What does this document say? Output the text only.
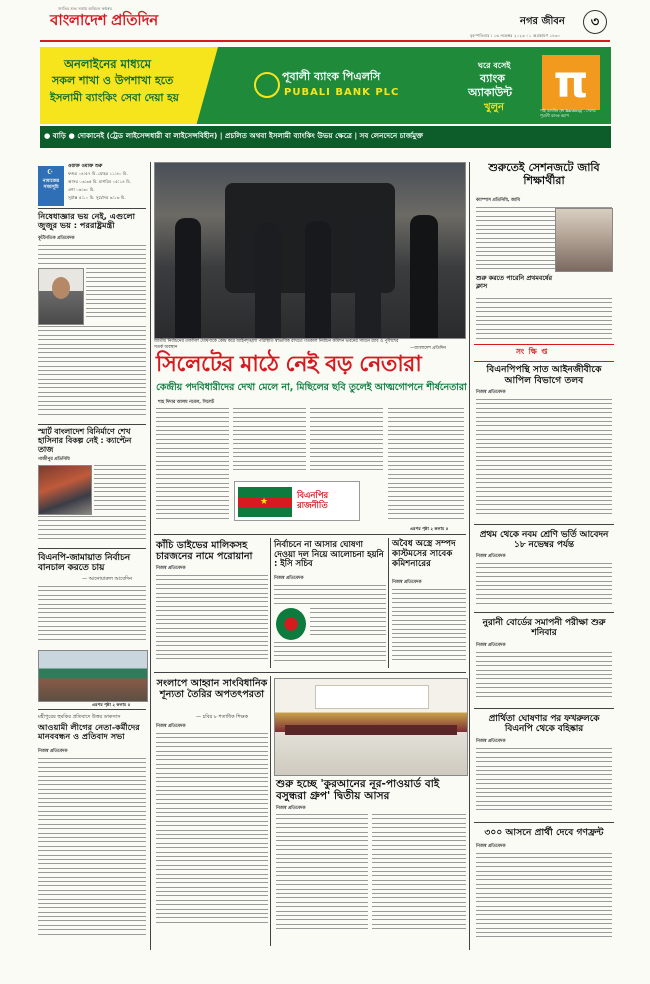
জাতির শুভ সত্তায় অবিচল কণ্ঠস্বর
বাংলাদেশ প্রতিদিন	নগর জীবন	৩
বৃহস্পতিবার । ১৬ নভেম্বর ২০২৩ । ১ অগ্রহায়ণ ১৪৩০
অনলাইনের মাধ্যমে
সকল শাখা ও উপশাখা হতে
ইসলামী ব্যাংকিং সেবা দেয়া হয়
পূবালী ব্যাংক পিএলসি
PUBALI BANK PLC
ঘরে বসেই
ব্যাংক
অ্যাকাউন্ট
খুলুন π
পাই ব্যাংকিং (PI Banking) - দেশের পূবালী ব্যাংক অ্যাপ
● বাড়ি ● দোকানেই (ট্রেড লাইসেন্সধারী বা লাইসেন্সবিহীন) | প্রচলিত অথবা ইসলামী ব্যাংকিং উভয় ক্ষেত্রে | সব লেনদেনে চার্জমুক্ত
☪
নামাজের সময়সূচি
ওয়াক্ত ওয়াক্ত শুরু
ফজর ০৪:৫৭ মি. যোহর ১১:৪০ মি.
আসর ০৩:৩৫ মি. মাগরিব ০৫:১৪ মি.
এশা ০৬:৩০ মি.
সূর্যাস্ত ৫:১০ মি. সূর্যোদয় ৬:১৬ মি.
নিষেধাজ্ঞার ভয় নেই, এগুলো জুজুর ভয় : পররাষ্ট্রমন্ত্রী
কূটনৈতিক প্রতিবেদক
স্মার্ট বাংলাদেশ বিনির্মাণে শেখ হাসিনার বিকল্প নেই : ক্যাপ্টেন তাজ
গাজীপুর প্রতিনিধি
বিএনপি-জামায়াত নির্বাচন বানচাল করতে চায়
— আনোয়ারুল আবেদিন
এরপর পৃষ্ঠা ২ কলাম ৫
মহীপুরের হুমকির প্রতিবাদে উত্তর ডাকসাস
আওয়ামী লীগের নেতা-কর্মীদের মানববন্ধন ও প্রতিবাদ সভা
নিজস্ব প্রতিবেদক
জাতীয় নির্বাচনের তফসিল ঘোষণাকে কেন্দ্র করে আইনশৃঙ্খলা পরিস্থিতি স্বাভাবিক রাখতে গতকাল নির্বাচন কমিশন ভবনের সামনে র‌্যাব ও পুলিশের সতর্ক অবস্থান	—বাংলাদেশ প্রতিদিন
সিলেটের মাঠে নেই বড় নেতারা
কেন্দ্রীয় পদবিধারীদের দেখা মেলে না, মিছিলের ছবি তুলেই আত্মগোপনে শীর্ষনেতারা
শাহ দিদার আলম নবেল, সিলেট
★
বিএনপির রাজনীতি
এরপর পৃষ্ঠা ২ কলাম ৫
কাঁচি ডাইভের মালিকসহ চারজনের নামে পরোয়ানা
নিজস্ব প্রতিবেদক
নির্বাচনে না আসার ঘোষণা দেওয়া দল নিয়ে আলোচনা হয়নি : ইসি সচিব
নিজস্ব প্রতিবেদক
অবৈধ অস্ত্রে সম্পদ কাস্টমসের সাবেক কমিশনারের
নিজস্ব প্রতিবেদক
সংলাপে আহ্বান সাংবিধানিক শূন্যতা তৈরির অপতৎপরতা
— চবির ৮ শতাধিক শিক্ষক
নিজস্ব প্রতিবেদক
শুরু হচ্ছে 'কুরআনের নূর-পাওয়ার্ড বাই বসুন্ধরা গ্রুপ' দ্বিতীয় আসর
নিজস্ব প্রতিবেদক
শুরুতেই সেশনজটে জাবি শিক্ষার্থীরা
ক্যাম্পাস প্রতিনিধি, জাবি
শুরু করতে পারেনি প্রথমবর্ষের ক্লাস
সং ক্ষি প্ত
বিএনপিপন্থি সাত আইনজীবীকে আপিল বিভাগে তলব
নিজস্ব প্রতিবেদক
প্রথম থেকে নবম শ্রেণি ভর্তি আবেদন ১৮ নভেম্বর পর্যন্ত
নিজস্ব প্রতিবেদক
নুরানী বোর্ডের সমাপনী পরীক্ষা শুরু শনিবার
নিজস্ব প্রতিবেদক
প্রার্থিতা ঘোষণার পর ফখরুলকে বিএনপি থেকে বহিষ্কার
নিজস্ব প্রতিবেদক
৩০০ আসনে প্রার্থী দেবে গণফ্রন্ট
নিজস্ব প্রতিবেদক
